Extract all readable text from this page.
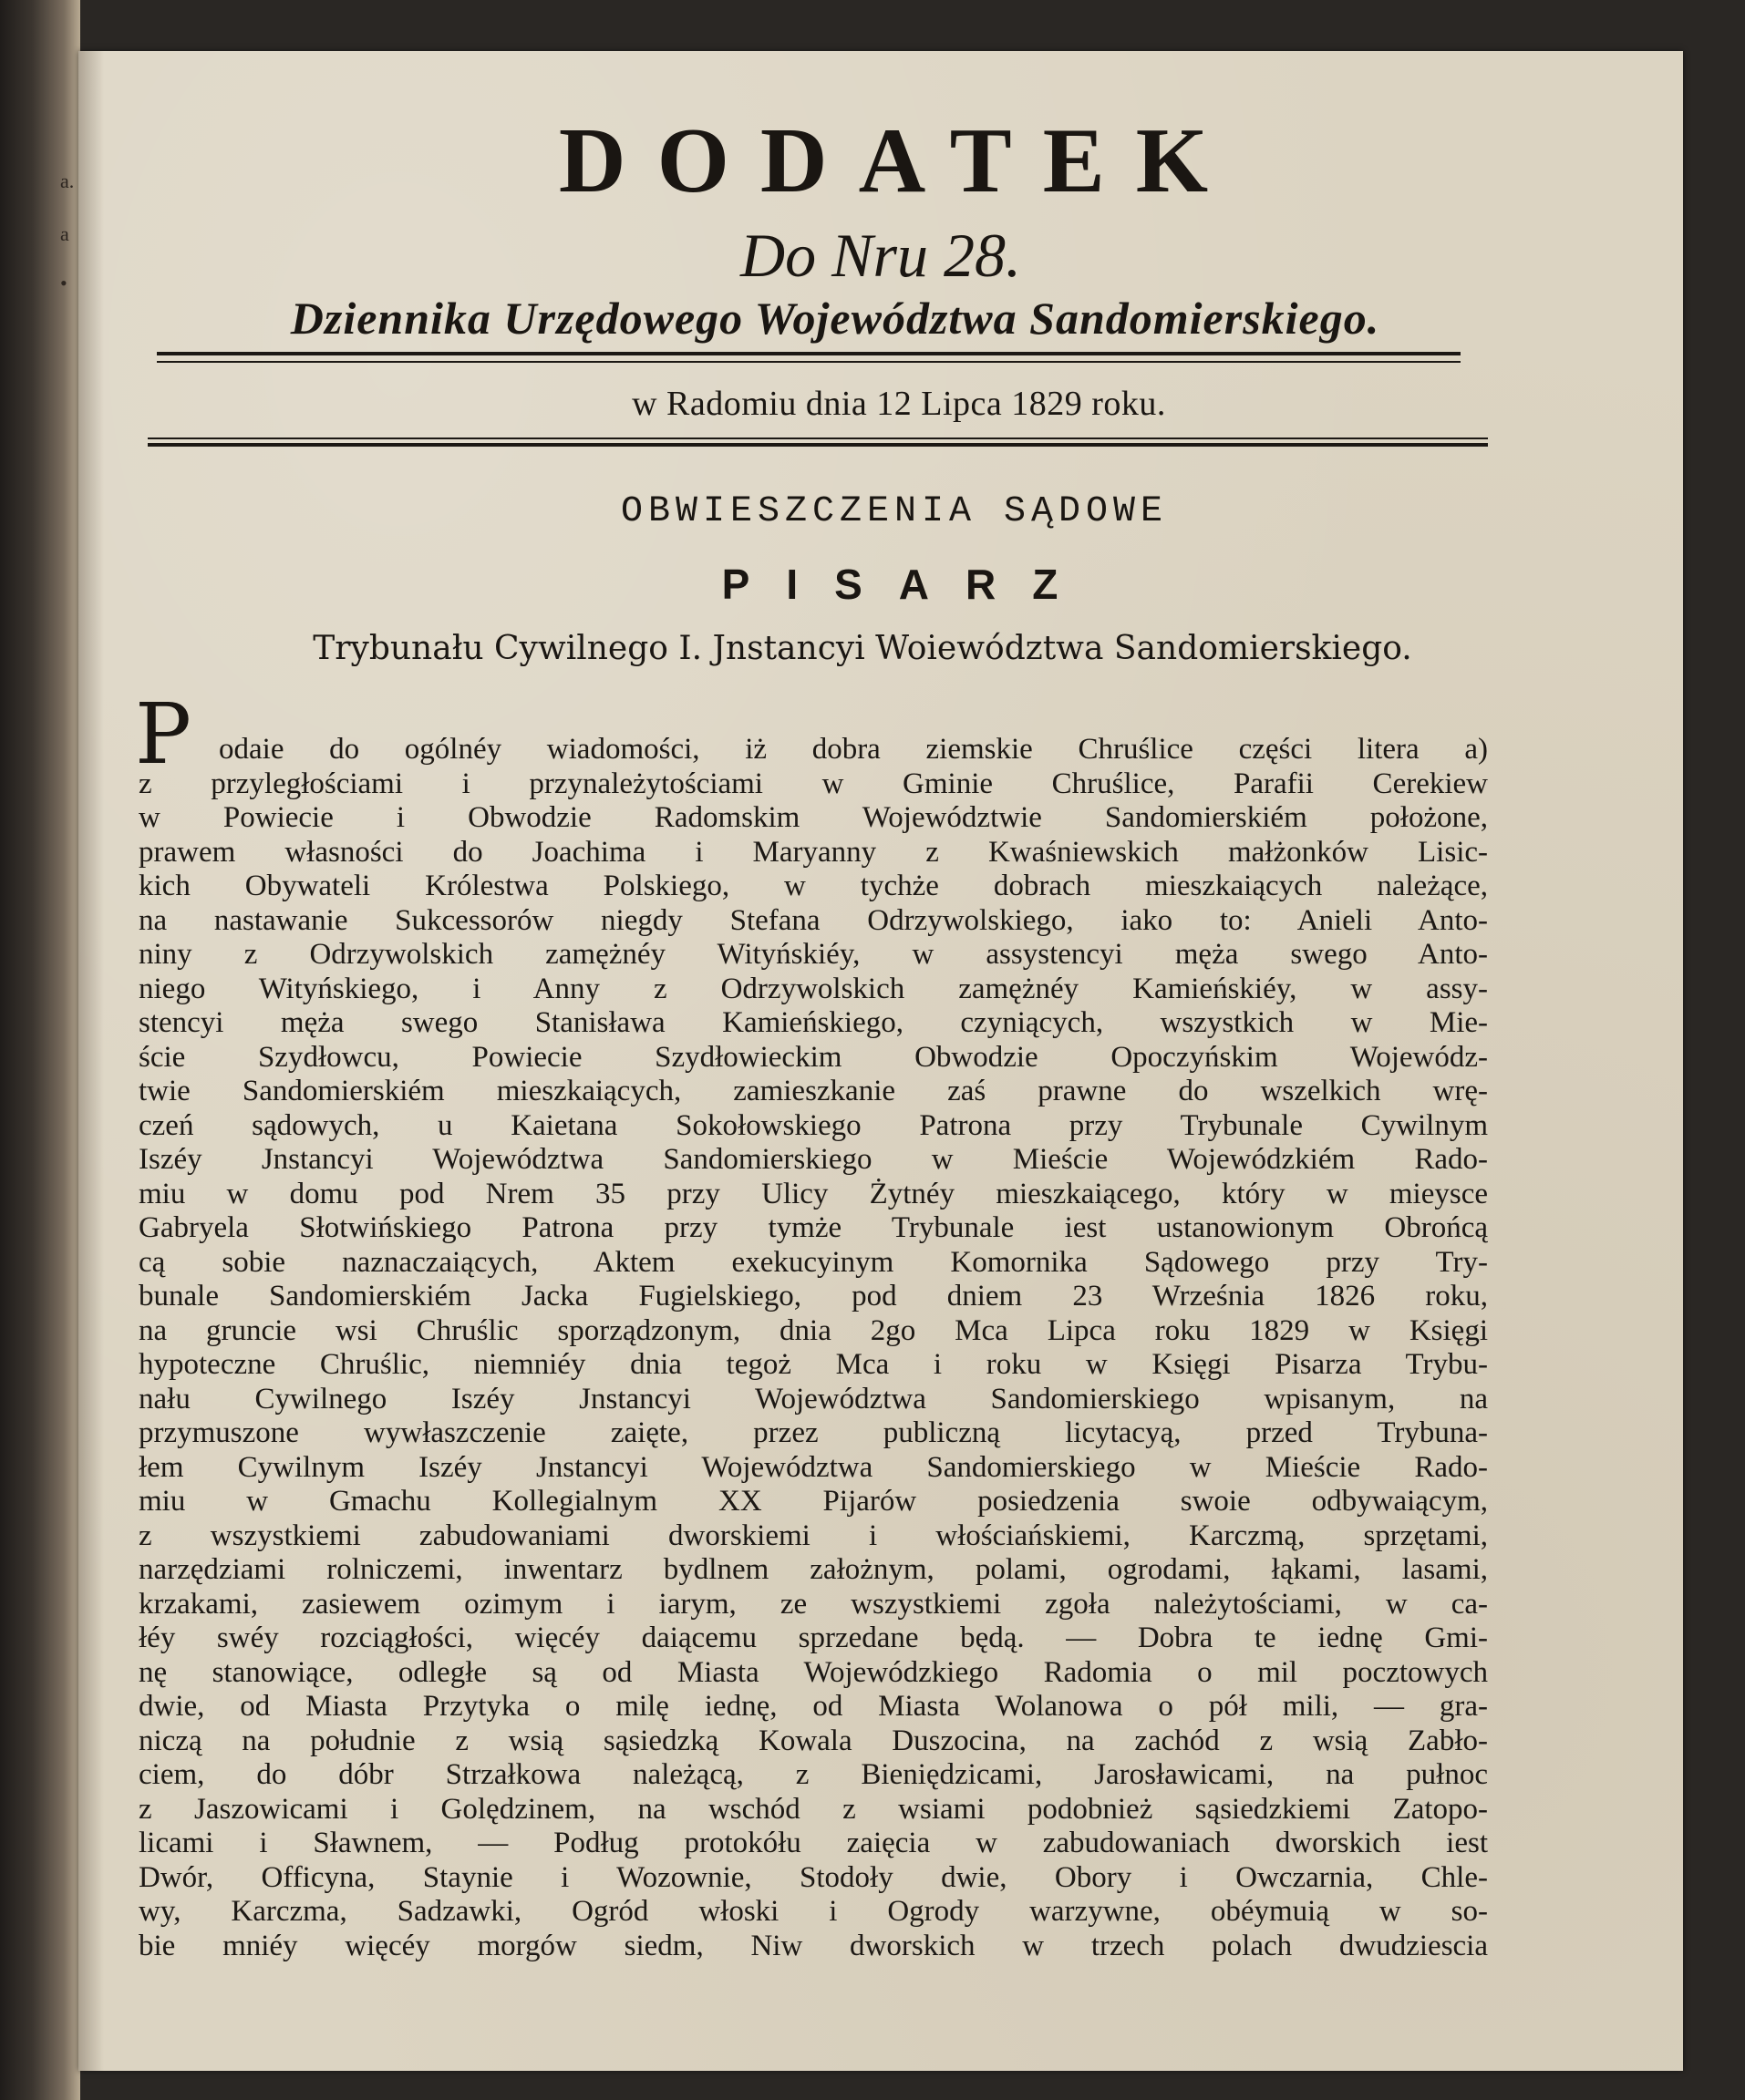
a.
a
•
DODATEK
Do Nru 28.
Dziennika Urzędowego Województwa Sandomierskiego.
w Radomiu dnia 12 Lipca 1829 roku.
OBWIESZCZENIA SĄDOWE
PISARZ
Trybunału Cywilnego I. Jnstancyi Woiewództwa Sandomierskiego.
P odaie do ogólnéy wiadomości, iż dobra ziemskie Chruślice części litera a)
z przyległościami i przynależytościami w Gminie Chruślice, Parafii Cerekiew
w Powiecie i Obwodzie Radomskim Województwie Sandomierskiém położone,
prawem własności do Joachima i Maryanny z Kwaśniewskich małżonków Lisic-
kich Obywateli Królestwa Polskiego, w tychże dobrach mieszkaiących należące,
na nastawanie Sukcessorów niegdy Stefana Odrzywolskiego, iako to: Anieli Anto-
niny z Odrzywolskich zamężnéy Wityńskiéy, w assystencyi męża swego Anto-
niego Wityńskiego, i Anny z Odrzywolskich zamężnéy Kamieńskiéy, w assy-
stencyi męża swego Stanisława Kamieńskiego, czyniących, wszystkich w Mie-
ście Szydłowcu, Powiecie Szydłowieckim Obwodzie Opoczyńskim Wojewódz-
twie Sandomierskiém mieszkaiących, zamieszkanie zaś prawne do wszelkich wrę-
czeń sądowych, u Kaietana Sokołowskiego Patrona przy Trybunale Cywilnym
Iszéy Jnstancyi Województwa Sandomierskiego w Mieście Wojewódzkiém Rado-
miu w domu pod Nrem 35 przy Ulicy Żytnéy mieszkaiącego, który w mieysce
Gabryela Słotwińskiego Patrona przy tymże Trybunale iest ustanowionym Obrońcą
cą sobie naznaczaiących, Aktem exekucyinym Komornika Sądowego przy Try-
bunale Sandomierskiém Jacka Fugielskiego, pod dniem 23 Września 1826 roku,
na gruncie wsi Chruślic sporządzonym, dnia 2go Mca Lipca roku 1829 w Księgi
hypoteczne Chruślic, niemniéy dnia tegoż Mca i roku w Księgi Pisarza Trybu-
nału Cywilnego Iszéy Jnstancyi Województwa Sandomierskiego wpisanym, na
przymuszone wywłaszczenie zaięte, przez publiczną licytacyą, przed Trybuna-
łem Cywilnym Iszéy Jnstancyi Województwa Sandomierskiego w Mieście Rado-
miu w Gmachu Kollegialnym XX Pijarów posiedzenia swoie odbywaiącym,
z wszystkiemi zabudowaniami dworskiemi i włościańskiemi, Karczmą, sprzętami,
narzędziami rolniczemi, inwentarz bydlnem założnym, polami, ogrodami, łąkami, lasami,
krzakami, zasiewem ozimym i iarym, ze wszystkiemi zgoła należytościami, w ca-
łéy swéy rozciągłości, więcéy daiącemu sprzedane będą. — Dobra te iednę Gmi-
nę stanowiące, odległe są od Miasta Wojewódzkiego Radomia o mil pocztowych
dwie, od Miasta Przytyka o milę iednę, od Miasta Wolanowa o pół mili, — gra-
niczą na południe z wsią sąsiedzką Kowala Duszocina, na zachód z wsią Zabło-
ciem, do dóbr Strzałkowa należącą, z Bieniędzicami, Jarosławicami, na pułnoc
z Jaszowicami i Golędzinem, na wschód z wsiami podobnież sąsiedzkiemi Zatopo-
licami i Sławnem, — Podług protokółu zaięcia w zabudowaniach dworskich iest
Dwór, Officyna, Staynie i Wozownie, Stodoły dwie, Obory i Owczarnia, Chle-
wy, Karczma, Sadzawki, Ogród włoski i Ogrody warzywne, obéymuią w so-
bie mniéy więcéy morgów siedm, Niw dworskich w trzech polach dwudziescia
